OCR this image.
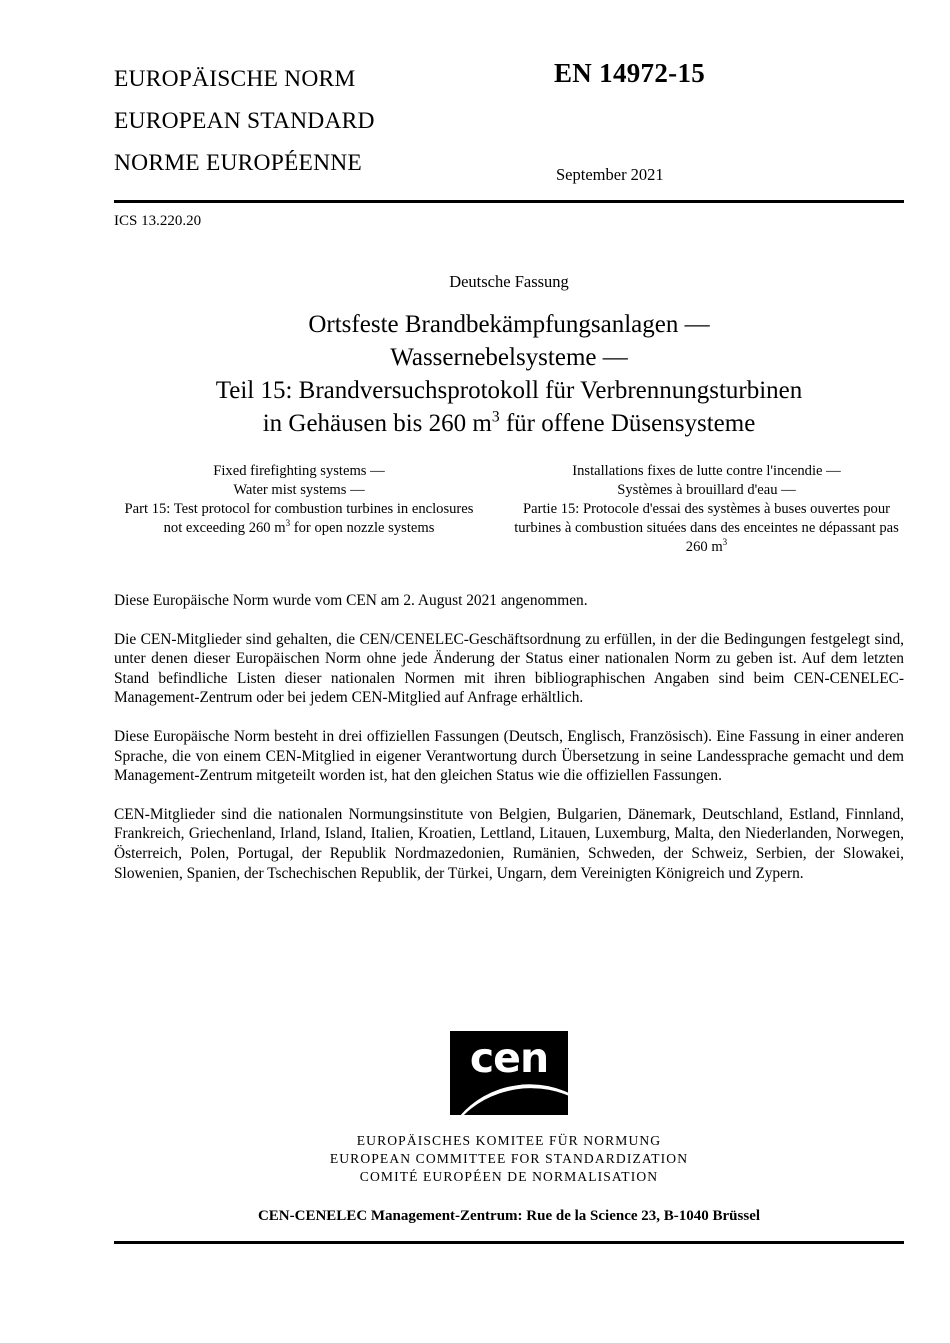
EUROPÄISCHE NORM
EUROPEAN STANDARD
NORME EUROPÉENNE
EN 14972-15
September 2021
ICS 13.220.20
Deutsche Fassung
Ortsfeste Brandbekämpfungsanlagen —
Wassernebelsysteme —
Teil 15: Brandversuchsprotokoll für Verbrennungsturbinen
in Gehäusen bis 260 $m^3$ für offene Düsensysteme
Fixed firefighting systems —
Water mist systems —
Part 15: Test protocol for combustion turbines in enclosures not exceeding 260 $m^3$ for open nozzle systems
Installations fixes de lutte contre l'incendie —
Systèmes à brouillard d'eau —
Partie 15: Protocole d'essai des systèmes à buses ouvertes pour turbines à combustion situées dans des enceintes ne dépassant pas 260 $m^3$
Diese Europäische Norm wurde vom CEN am 2. August 2021 angenommen.
Die CEN-Mitglieder sind gehalten, die CEN/CENELEC-Geschäftsordnung zu erfüllen, in der die Bedingungen festgelegt sind, unter denen dieser Europäischen Norm ohne jede Änderung der Status einer nationalen Norm zu geben ist. Auf dem letzten Stand befindliche Listen dieser nationalen Normen mit ihren bibliographischen Angaben sind beim CEN-CENELEC-Management-Zentrum oder bei jedem CEN-Mitglied auf Anfrage erhältlich.
Diese Europäische Norm besteht in drei offiziellen Fassungen (Deutsch, Englisch, Französisch). Eine Fassung in einer anderen Sprache, die von einem CEN-Mitglied in eigener Verantwortung durch Übersetzung in seine Landessprache gemacht und dem Management-Zentrum mitgeteilt worden ist, hat den gleichen Status wie die offiziellen Fassungen.
CEN-Mitglieder sind die nationalen Normungsinstitute von Belgien, Bulgarien, Dänemark, Deutschland, Estland, Finnland, Frankreich, Griechenland, Irland, Island, Italien, Kroatien, Lettland, Litauen, Luxemburg, Malta, den Niederlanden, Norwegen, Österreich, Polen, Portugal, der Republik Nordmazedonien, Rumänien, Schweden, der Schweiz, Serbien, der Slowakei, Slowenien, Spanien, der Tschechischen Republik, der Türkei, Ungarn, dem Vereinigten Königreich und Zypern.
cen
EUROPÄISCHES KOMITEE FÜR NORMUNG
EUROPEAN COMMITTEE FOR STANDARDIZATION
COMITÉ EUROPÉEN DE NORMALISATION
CEN-CENELEC Management-Zentrum: Rue de la Science 23, B-1040 Brüssel
